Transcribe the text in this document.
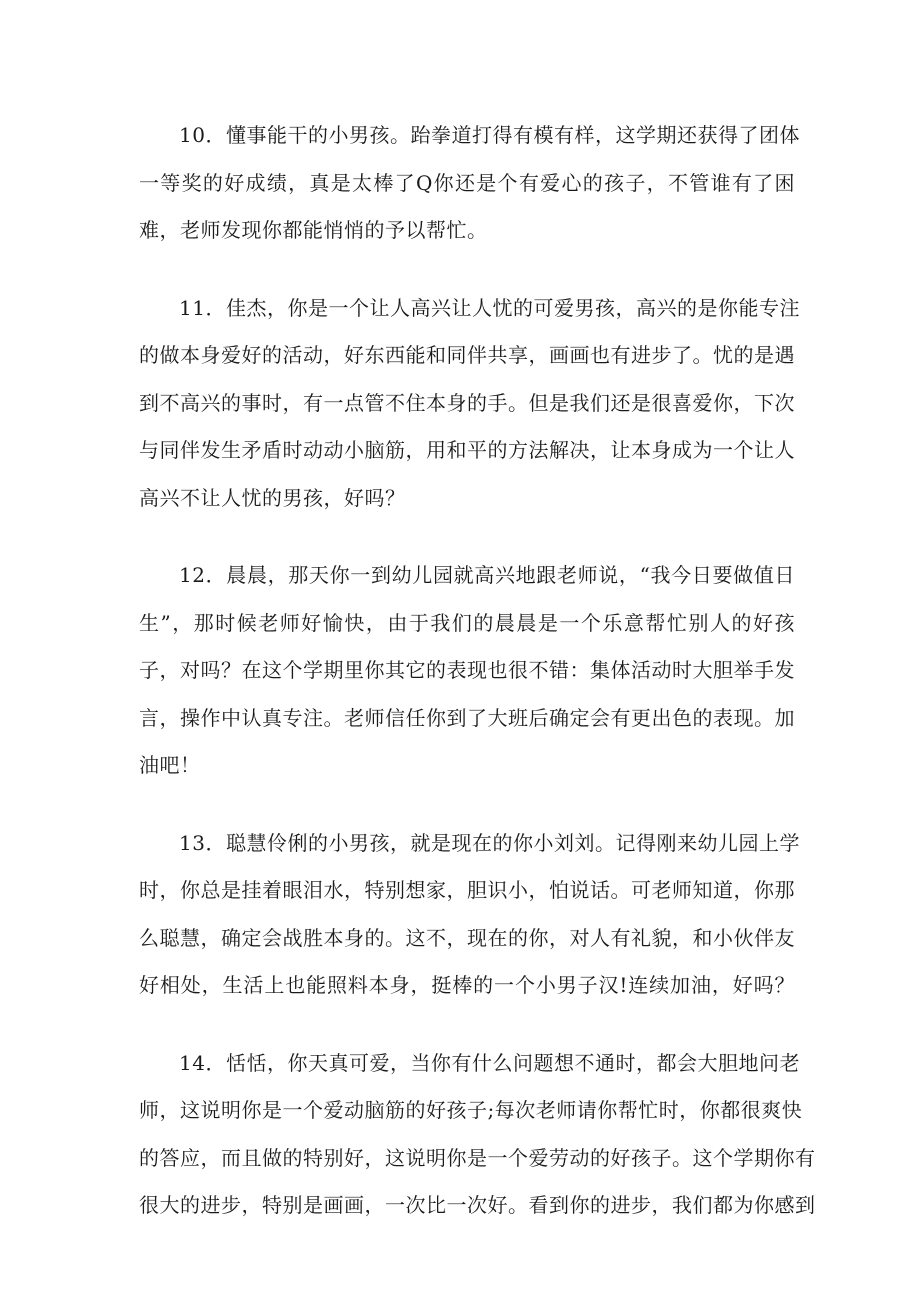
10．懂事能干的小男孩。跆拳道打得有模有样，这学期还获得了团体
一等奖的好成绩，真是太棒了Q你还是个有爱心的孩子，不管谁有了困
难，老师发现你都能悄悄的予以帮忙。
11．佳杰，你是一个让人高兴让人忧的可爱男孩，高兴的是你能专注
的做本身爱好的活动，好东西能和同伴共享，画画也有进步了。忧的是遇
到不高兴的事时，有一点管不住本身的手。但是我们还是很喜爱你，下次
与同伴发生矛盾时动动小脑筋，用和平的方法解决，让本身成为一个让人
高兴不让人忧的男孩，好吗？
12．晨晨，那天你一到幼儿园就高兴地跟老师说，“我今日要做值日
生”，那时候老师好愉快，由于我们的晨晨是一个乐意帮忙别人的好孩
子，对吗？在这个学期里你其它的表现也很不错：集体活动时大胆举手发
言，操作中认真专注。老师信任你到了大班后确定会有更出色的表现。加
油吧！
13．聪慧伶俐的小男孩，就是现在的你小刘刘。记得刚来幼儿园上学
时，你总是挂着眼泪水，特别想家，胆识小，怕说话。可老师知道，你那
么聪慧，确定会战胜本身的。这不，现在的你，对人有礼貌，和小伙伴友
好相处，生活上也能照料本身，挺棒的一个小男子汉!连续加油，好吗？
14．恬恬，你天真可爱，当你有什么问题想不通时，都会大胆地问老
师，这说明你是一个爱动脑筋的好孩子;每次老师请你帮忙时，你都很爽快
的答应，而且做的特别好，这说明你是一个爱劳动的好孩子。这个学期你有
很大的进步，特别是画画，一次比一次好。看到你的进步，我们都为你感到
